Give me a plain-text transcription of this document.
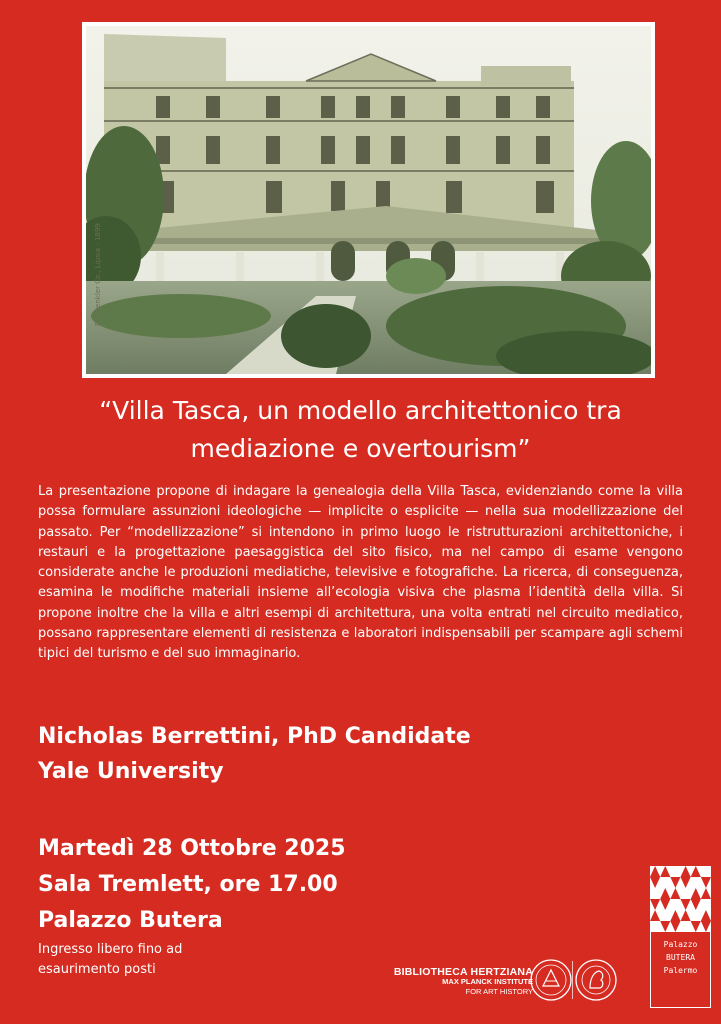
Dr. Trenkler Co., Lipsia - 1899
“Villa Tasca, un modello architettonico tra
mediazione e overtourism”

La presentazione propone di indagare la genealogia della Villa Tasca, evidenziando come la villa possa formulare assunzioni ideologiche — implicite o esplicite — nella sua modellizzazione del passato. Per “modellizzazione” si intendono in primo luogo le ristrutturazioni architettoniche, i restauri e la progettazione paesaggistica del sito fisico, ma nel campo di esame vengono considerate anche le produzioni mediatiche, televisive e fotografiche. La ricerca, di conseguenza, esamina le modifiche materiali insieme all’ecologia visiva che plasma l’identità della villa. Si propone inoltre che la villa e altri esempi di architettura, una volta entrati nel circuito mediatico, possano rappresentare elementi di resistenza e laboratori indispensabili per scampare agli schemi tipici del turismo e del suo immaginario.

Nicholas Berrettini, PhD Candidate
Yale University
Martedì 28 Ottobre 2025
Sala Tremlett, ore 17.00
Palazzo Butera
Ingresso libero fino ad
esaurimento posti	BIBLIOTHECA HERTZIANA
MAX PLANCK INSTITUTE
FOR ART HISTORY
Palazzo
BUTERA
Palermo
